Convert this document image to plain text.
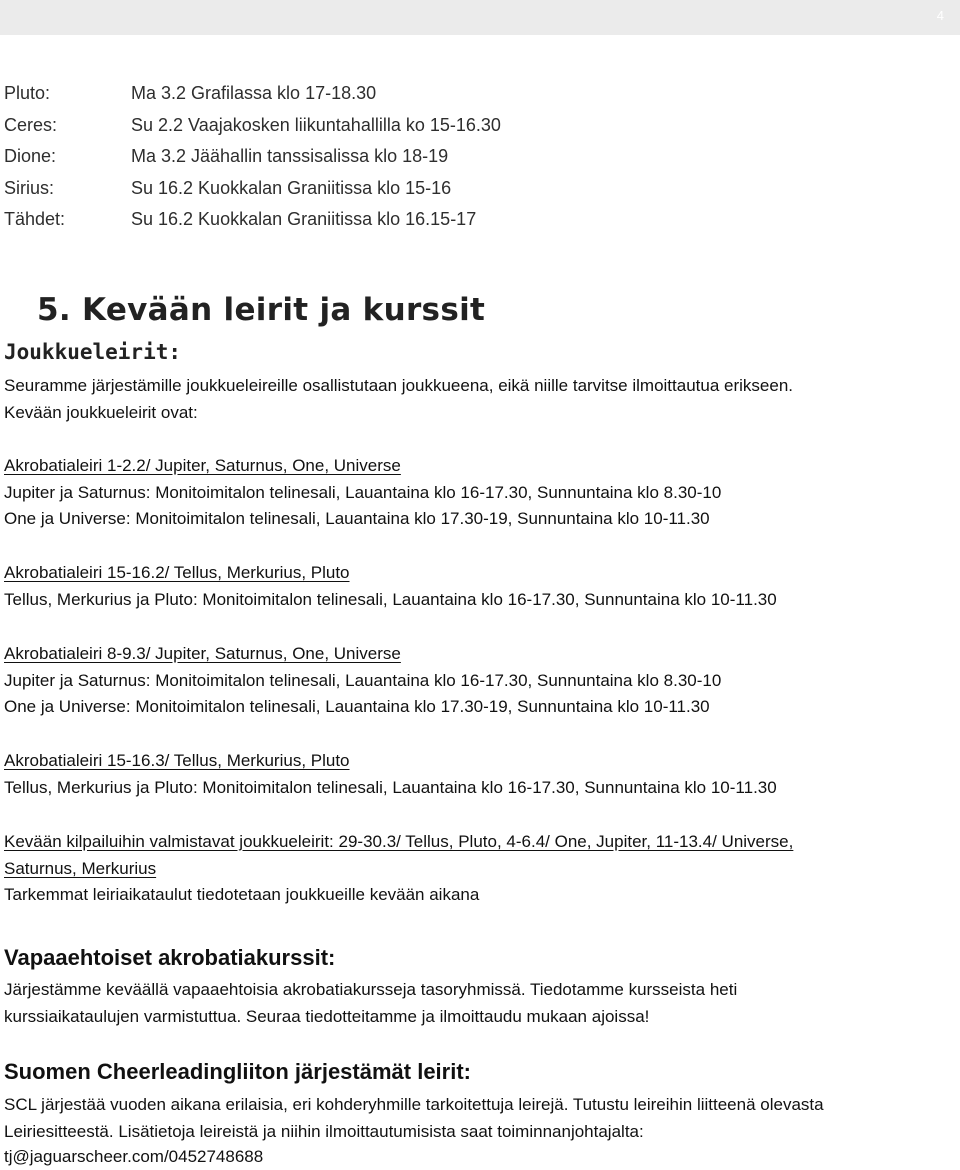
4
Pluto:	Ma 3.2 Grafilassa klo 17-18.30
Ceres:	Su 2.2 Vaajakosken liikuntahallilla ko 15-16.30
Dione:	Ma 3.2 Jäähallin tanssisalissa klo 18-19
Sirius:	Su 16.2 Kuokkalan Graniitissa klo 15-16
Tähdet:	Su 16.2 Kuokkalan Graniitissa klo 16.15-17
5. Kevään leirit ja kurssit
Joukkueleirit:
Seuramme järjestämille joukkueleireille osallistutaan joukkueena, eikä niille tarvitse ilmoittautua erikseen.
Kevään joukkueleirit ovat:
Akrobatialeiri 1-2.2/ Jupiter, Saturnus, One, Universe
Jupiter ja Saturnus: Monitoimitalon telinesali, Lauantaina klo 16-17.30, Sunnuntaina klo 8.30-10
One ja Universe: Monitoimitalon telinesali, Lauantaina klo 17.30-19, Sunnuntaina klo 10-11.30
Akrobatialeiri 15-16.2/ Tellus, Merkurius, Pluto
Tellus, Merkurius ja Pluto: Monitoimitalon telinesali, Lauantaina klo 16-17.30, Sunnuntaina klo 10-11.30
Akrobatialeiri 8-9.3/ Jupiter, Saturnus, One, Universe
Jupiter ja Saturnus: Monitoimitalon telinesali, Lauantaina klo 16-17.30, Sunnuntaina klo 8.30-10
One ja Universe: Monitoimitalon telinesali, Lauantaina klo 17.30-19, Sunnuntaina klo 10-11.30
Akrobatialeiri 15-16.3/ Tellus, Merkurius, Pluto
Tellus, Merkurius ja Pluto: Monitoimitalon telinesali, Lauantaina klo 16-17.30, Sunnuntaina klo 10-11.30
Kevään kilpailuihin valmistavat joukkueleirit: 29-30.3/ Tellus, Pluto, 4-6.4/ One, Jupiter, 11-13.4/ Universe,
Saturnus, Merkurius
Tarkemmat leiriaikataulut tiedotetaan joukkueille kevään aikana
Vapaaehtoiset akrobatiakurssit:
Järjestämme keväällä vapaaehtoisia akrobatiakursseja tasoryhmissä. Tiedotamme kursseista heti
kurssiaikataulujen varmistuttua. Seuraa tiedotteitamme ja ilmoittaudu mukaan ajoissa!
Suomen Cheerleadingliiton järjestämät leirit:
SCL järjestää vuoden aikana erilaisia, eri kohderyhmille tarkoitettuja leirejä. Tutustu leireihin liitteenä olevasta
Leiriesitteestä. Lisätietoja leireistä ja niihin ilmoittautumisista saat toiminnanjohtajalta:
tj@jaguarscheer.com/0452748688
